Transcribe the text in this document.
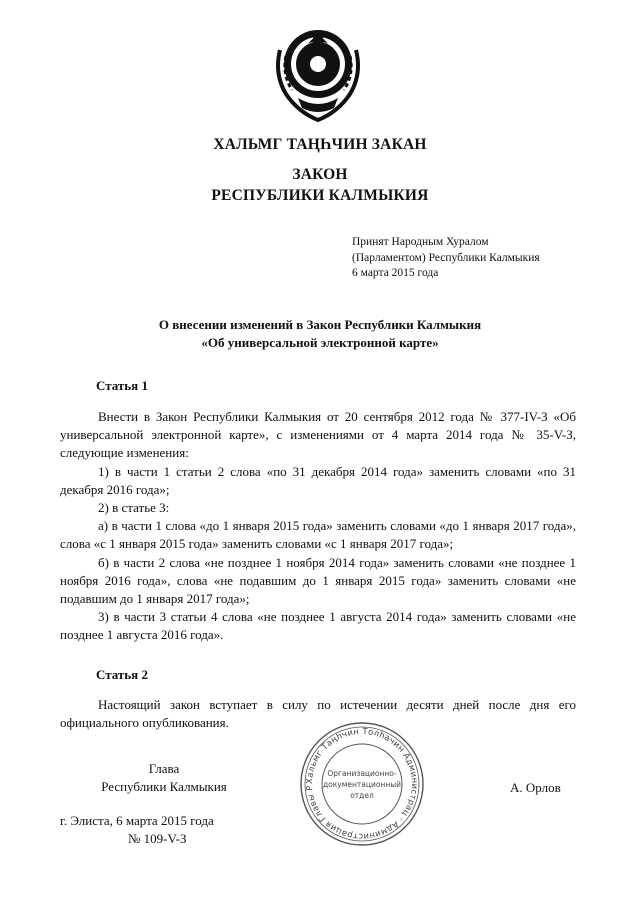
ХАЛЬМГ ТАҢҺЧИН ЗАКАН
ЗАКОН
РЕСПУБЛИКИ КАЛМЫКИЯ
Принят Народным Хуралом
(Парламентом) Республики Калмыкия
6 марта 2015 года
О внесении изменений в Закон Республики Калмыкия
«Об универсальной электронной карте»
Статья 1

Внести в Закон Республики Калмыкия от 20 сентября 2012 года № 377-IV-З «Об универсальной электронной карте», с изменениями от 4 марта 2014 года № 35-V-З, следующие изменения:

1) в части 1 статьи 2 слова «по 31 декабря 2014 года» заменить словами «по 31 декабря 2016 года»;

2) в статье 3:

а) в части 1 слова «до 1 января 2015 года» заменить словами «до 1 января 2017 года», слова «с 1 января 2015 года» заменить словами «с 1 января 2017 года»;

б) в части 2 слова «не позднее 1 ноября 2014 года» заменить словами «не позднее 1 ноября 2016 года», слова «не подавшим до 1 января 2015 года» заменить словами «не подавшим до 1 января 2017 года»;

3) в части 3 статьи 4 слова «не позднее 1 августа 2014 года» заменить словами «не позднее 1 августа 2016 года».

Статья 2

Настоящий закон вступает в силу по истечении десяти дней после дня его официального опубликования.

Глава
Республики Калмыкия	А. Орлов
г. Элиста, 6 марта 2015 года
№ 109-V-З
Хальмг Таңһчин Толһачин Администрац · Администрация Главы Р
Организационно-
документационный
отдел
